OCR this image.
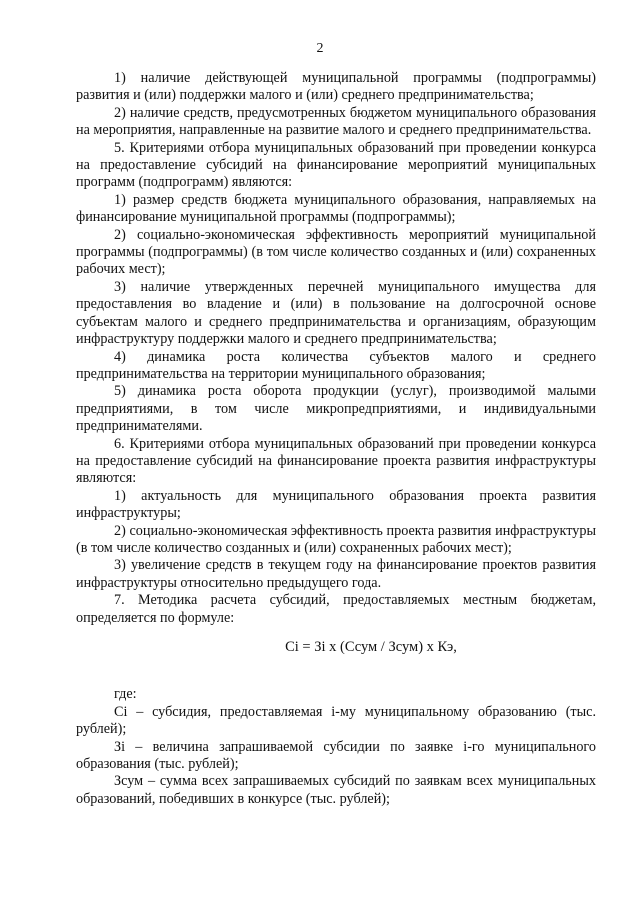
2

1) наличие действующей муниципальной программы (подпрограммы) развития и (или) поддержки малого и (или) среднего предпринимательства;

2) наличие средств, предусмотренных бюджетом муниципального образования на мероприятия, направленные на развитие малого и среднего предпринимательства.

5. Критериями отбора муниципальных образований при проведении конкурса на предоставление субсидий на финансирование мероприятий муниципальных программ (подпрограмм) являются:

1) размер средств бюджета муниципального образования, направляемых на финансирование муниципальной программы (подпрограммы);

2) социально-экономическая эффективность мероприятий муниципальной программы (подпрограммы) (в том числе количество созданных и (или) сохраненных рабочих мест);

3) наличие утвержденных перечней муниципального имущества для предоставления во владение и (или) в пользование на долгосрочной основе субъектам малого и среднего предпринимательства и организациям, образующим инфраструктуру поддержки малого и среднего предпринимательства;

4) динамика роста количества субъектов малого и среднего предпринимательства на территории муниципального образования;

5) динамика роста оборота продукции (услуг), производимой малыми предприятиями, в том числе микропредприятиями, и индивидуальными предпринимателями.

6. Критериями отбора муниципальных образований при проведении конкурса на предоставление субсидий на финансирование проекта развития инфраструктуры являются:

1) актуальность для муниципального образования проекта развития инфраструктуры;

2) социально-экономическая эффективность проекта развития инфраструктуры (в том числе количество созданных и (или) сохраненных рабочих мест);

3) увеличение средств в текущем году на финансирование проектов развития инфраструктуры относительно предыдущего года.

7. Методика расчета субсидий, предоставляемых местным бюджетам, определяется по формуле:

Сi = Зi х (Ссум / Зсум) х Кэ,

где:

Сi – субсидия, предоставляемая i-му муниципальному образованию (тыс. рублей);

Зi – величина запрашиваемой субсидии по заявке i-го муниципального образования (тыс. рублей);

Зсум – сумма всех запрашиваемых субсидий по заявкам всех муниципальных образований, победивших в конкурсе (тыс. рублей);
